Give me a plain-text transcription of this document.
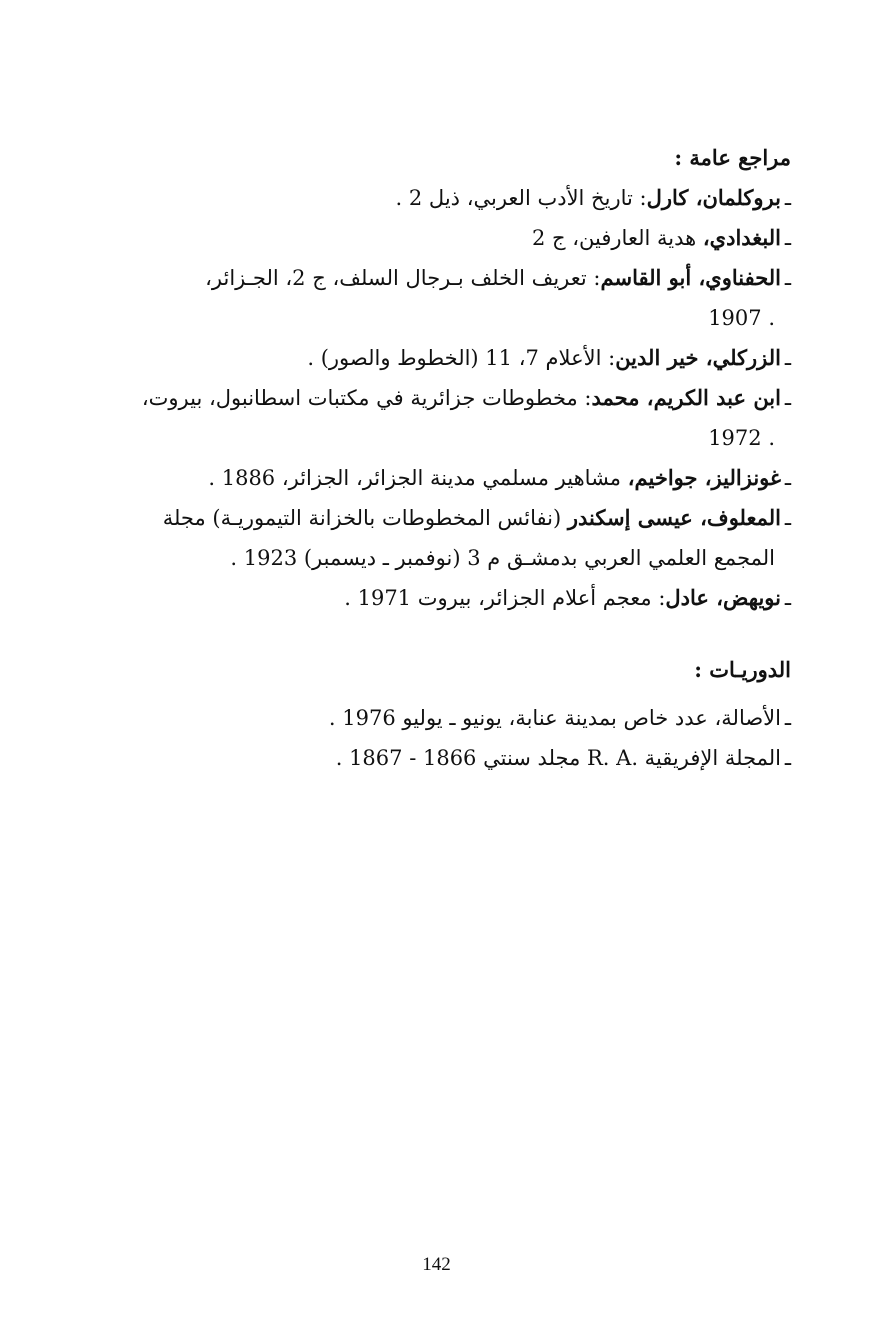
مراجع عامة :

ـبروكلمان، كارل: تاريخ الأدب العربي، ذيل 2 .

ـالبغدادي، هدية العارفين، ج 2

ـالحفناوي، أبو القاسم: تعريف الخلف بـرجال السلف، ج 2، الجـزائر،
. 1907

ـالزركلي، خير الدين: الأعلام 7، 11 (الخطوط والصور) .

ـابن عبد الكريم، محمد: مخطوطات جزائرية في مكتبات اسطانبول، بيروت،
. 1972

ـغونزاليز، جواخيم، مشاهير مسلمي مدينة الجزائر، الجزائر، 1886 .

ـالمعلوف، عيسى إسكندر (نفائس المخطوطات بالخزانة التيموريـة) مجلة
المجمع العلمي العربي بدمشـق م 3 (نوفمبر ـ ديسمبر) 1923 .

ـنويهض، عادل: معجم أعلام الجزائر، بيروت 1971 .

الدوريـات :

ـالأصالة، عدد خاص بمدينة عنابة، يونيو ـ يوليو 1976 .

ـالمجلة الإفريقية .R. A مجلد سنتي 1866 - 1867 .

142
